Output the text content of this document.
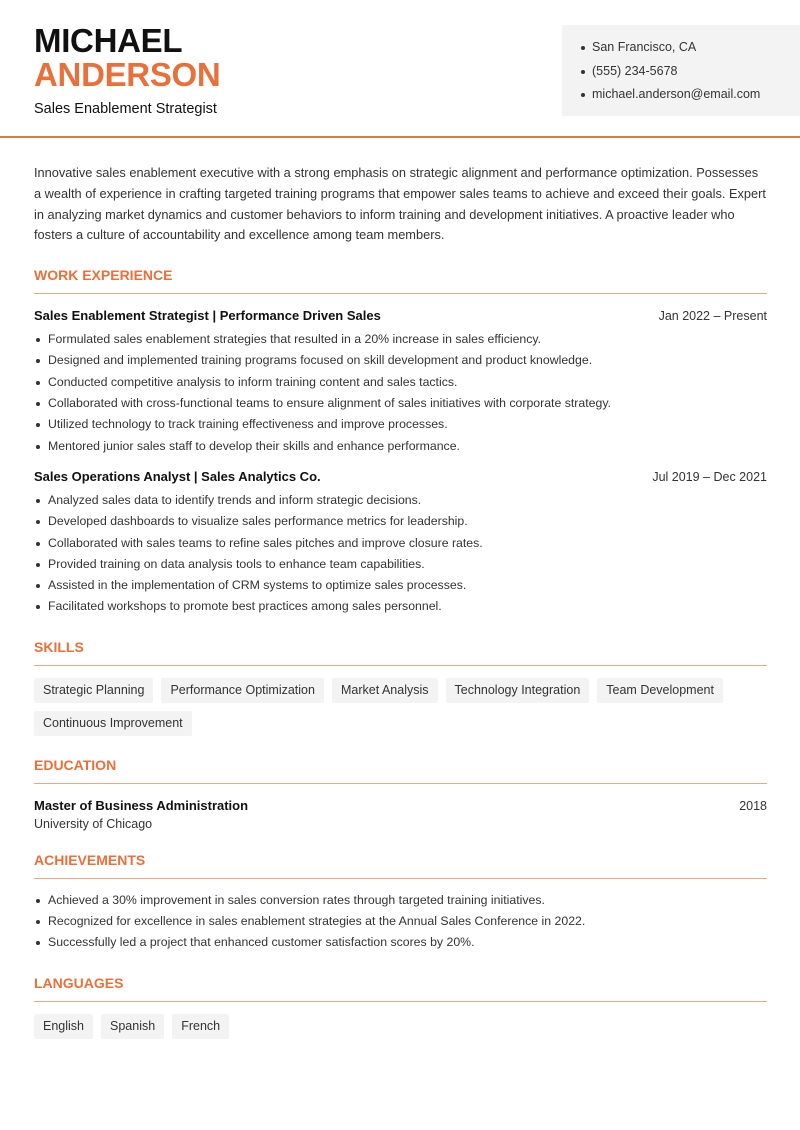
MICHAEL
ANDERSON
Sales Enablement Strategist
San Francisco, CA
(555) 234-5678
michael.anderson@email.com

Innovative sales enablement executive with a strong emphasis on strategic alignment and performance optimization. Possesses a wealth of experience in crafting targeted training programs that empower sales teams to achieve and exceed their goals. Expert in analyzing market dynamics and customer behaviors to inform training and development initiatives. A proactive leader who fosters a culture of accountability and excellence among team members.

WORK EXPERIENCE
Sales Enablement Strategist | Performance Driven Sales	Jan 2022 – Present
Formulated sales enablement strategies that resulted in a 20% increase in sales efficiency.
Designed and implemented training programs focused on skill development and product knowledge.
Conducted competitive analysis to inform training content and sales tactics.
Collaborated with cross-functional teams to ensure alignment of sales initiatives with corporate strategy.
Utilized technology to track training effectiveness and improve processes.
Mentored junior sales staff to develop their skills and enhance performance.
Sales Operations Analyst | Sales Analytics Co.	Jul 2019 – Dec 2021
Analyzed sales data to identify trends and inform strategic decisions.
Developed dashboards to visualize sales performance metrics for leadership.
Collaborated with sales teams to refine sales pitches and improve closure rates.
Provided training on data analysis tools to enhance team capabilities.
Assisted in the implementation of CRM systems to optimize sales processes.
Facilitated workshops to promote best practices among sales personnel.
SKILLS
Strategic Planning	Performance Optimization	Market Analysis	Technology Integration	Team Development
Continuous Improvement
EDUCATION
Master of Business Administration	2018
University of Chicago
ACHIEVEMENTS
Achieved a 30% improvement in sales conversion rates through targeted training initiatives.
Recognized for excellence in sales enablement strategies at the Annual Sales Conference in 2022.
Successfully led a project that enhanced customer satisfaction scores by 20%.
LANGUAGES
English	Spanish	French
